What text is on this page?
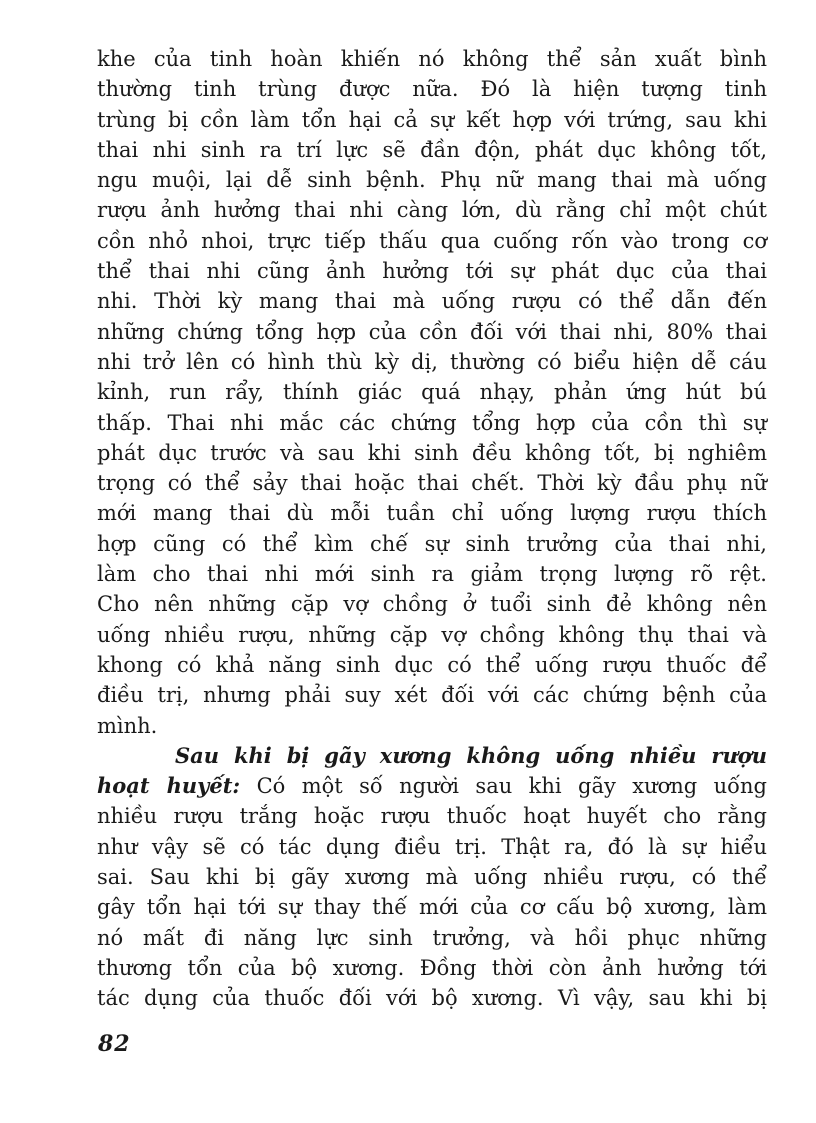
khe của tinh hoàn khiến nó không thể sản xuất bình
thường tinh trùng được nữa. Đó là hiện tượng tinh
trùng bị cồn làm tổn hại cả sự kết hợp với trứng, sau khi
thai nhi sinh ra trí lực sẽ đần độn, phát dục không tốt,
ngu muội, lại dễ sinh bệnh. Phụ nữ mang thai mà uống
rượu ảnh hưởng thai nhi càng lớn, dù rằng chỉ một chút
cồn nhỏ nhoi, trực tiếp thấu qua cuống rốn vào trong cơ
thể thai nhi cũng ảnh hưởng tới sự phát dục của thai
nhi. Thời kỳ mang thai mà uống rượu có thể dẫn đến
những chứng tổng hợp của cồn đối với thai nhi, 80% thai
nhi trở lên có hình thù kỳ dị, thường có biểu hiện dễ cáu
kỉnh, run rẩy, thính giác quá nhạy, phản ứng hút bú
thấp. Thai nhi mắc các chứng tổng hợp của cồn thì sự
phát dục trước và sau khi sinh đều không tốt, bị nghiêm
trọng có thể sảy thai hoặc thai chết. Thời kỳ đầu phụ nữ
mới mang thai dù mỗi tuần chỉ uống lượng rượu thích
hợp cũng có thể kìm chế sự sinh trưởng của thai nhi,
làm cho thai nhi mới sinh ra giảm trọng lượng rõ rệt.
Cho nên những cặp vợ chồng ở tuổi sinh đẻ không nên
uống nhiều rượu, những cặp vợ chồng không thụ thai và
khong có khả năng sinh dục có thể uống rượu thuốc để
điều trị, nhưng phải suy xét đối với các chứng bệnh của
mình.

Sau khi bị gãy xương không uống nhiều rượu
hoạt huyết: Có một số người sau khi gãy xương uống
nhiều rượu trắng hoặc rượu thuốc hoạt huyết cho rằng
như vậy sẽ có tác dụng điều trị. Thật ra, đó là sự hiểu
sai. Sau khi bị gãy xương mà uống nhiều rượu, có thể
gây tổn hại tới sự thay thế mới của cơ cấu bộ xương, làm
nó mất đi năng lực sinh trưởng, và hồi phục những
thương tổn của bộ xương. Đồng thời còn ảnh hưởng tới
tác dụng của thuốc đối với bộ xương. Vì vậy, sau khi bị

82
